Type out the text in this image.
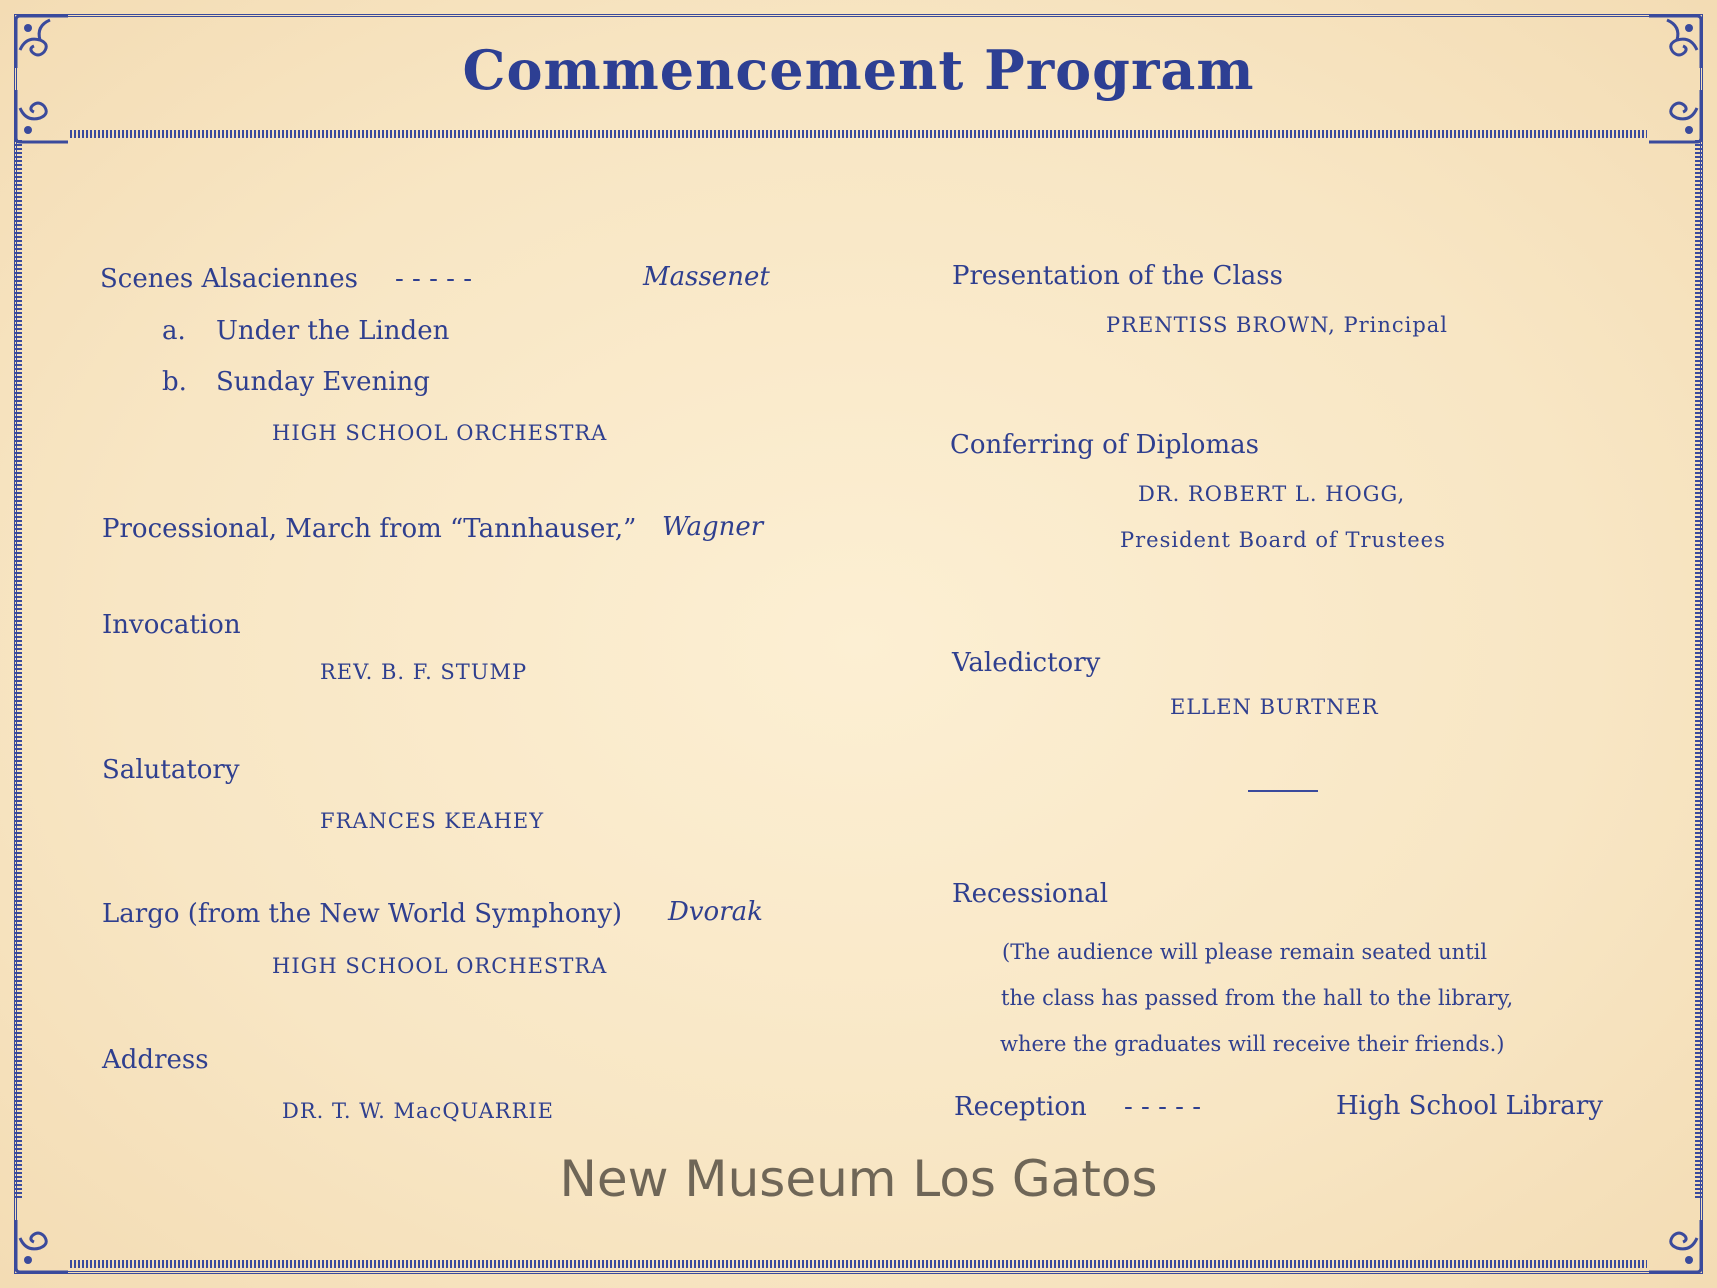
Commencement Program
Scenes Alsaciennes - - - - -	Massenet
a. Under the Linden
b. Sunday Evening
HIGH SCHOOL ORCHESTRA
Processional, March from “Tannhauser,” Wagner
Invocation
REV. B. F. STUMP
Salutatory
FRANCES KEAHEY
Largo (from the New World Symphony) Dvorak
HIGH SCHOOL ORCHESTRA
Address
DR. T. W. MacQUARRIE
Presentation of the Class
PRENTISS BROWN, Principal
Conferring of Diplomas
DR. ROBERT L. HOGG,
President Board of Trustees
Valedictory
ELLEN BURTNER
Recessional
(The audience will please remain seated until
the class has passed from the hall to the library,
where the graduates will receive their friends.)
Reception - - - - -	High School Library
New Museum Los Gatos
